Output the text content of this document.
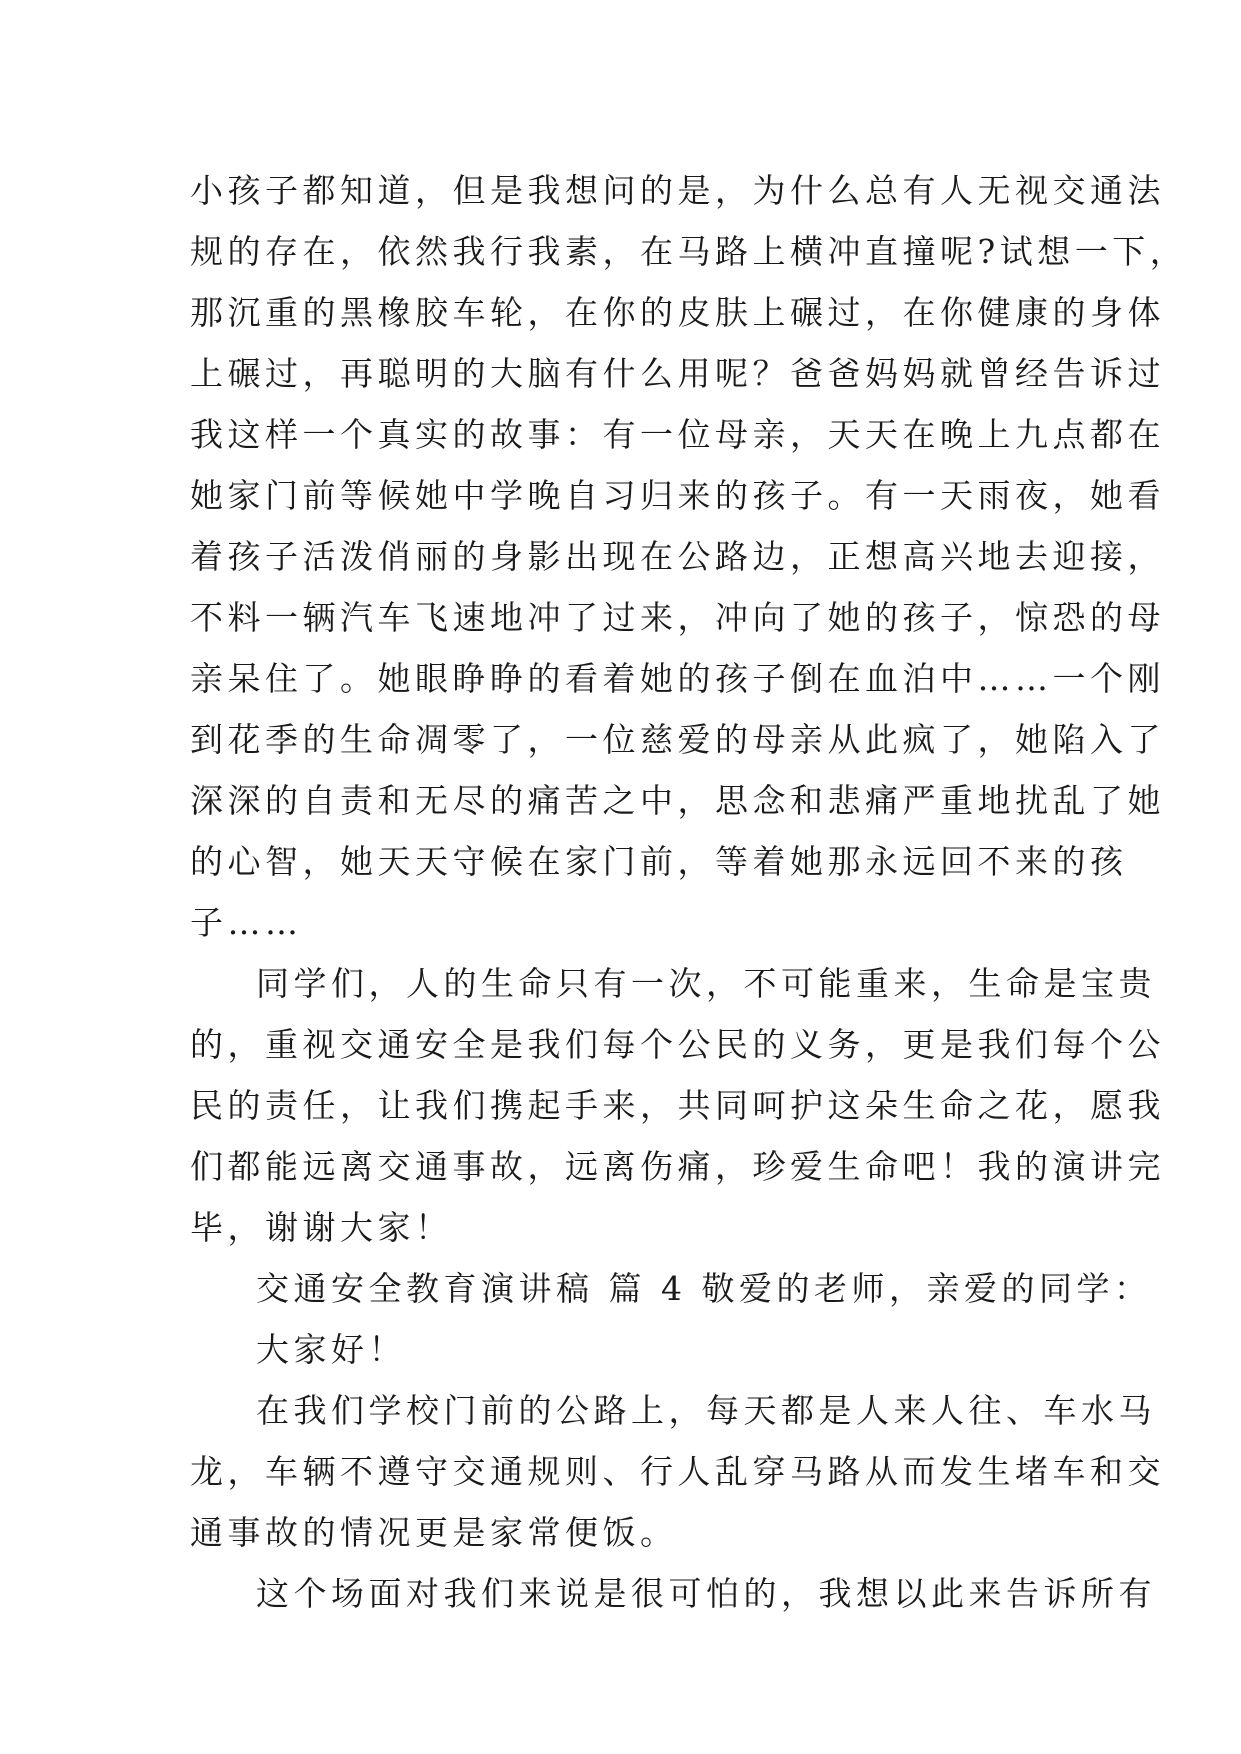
小孩子都知道，但是我想问的是，为什么总有人无视交通法
规的存在，依然我行我素，在马路上横冲直撞呢?试想一下，
那沉重的黑橡胶车轮，在你的皮肤上碾过，在你健康的身体
上碾过，再聪明的大脑有什么用呢？爸爸妈妈就曾经告诉过
我这样一个真实的故事：有一位母亲，天天在晚上九点都在
她家门前等候她中学晚自习归来的孩子。有一天雨夜，她看
着孩子活泼俏丽的身影出现在公路边，正想高兴地去迎接，
不料一辆汽车飞速地冲了过来，冲向了她的孩子，惊恐的母
亲呆住了。她眼睁睁的看着她的孩子倒在血泊中……一个刚
到花季的生命凋零了，一位慈爱的母亲从此疯了，她陷入了
深深的自责和无尽的痛苦之中，思念和悲痛严重地扰乱了她
的心智，她天天守候在家门前，等着她那永远回不来的孩
子……
同学们，人的生命只有一次，不可能重来，生命是宝贵
的，重视交通安全是我们每个公民的义务，更是我们每个公
民的责任，让我们携起手来，共同呵护这朵生命之花，愿我
们都能远离交通事故，远离伤痛，珍爱生命吧！我的演讲完
毕，谢谢大家！
交通安全教育演讲稿 篇 4 敬爱的老师，亲爱的同学：
大家好！
在我们学校门前的公路上，每天都是人来人往、车水马
龙，车辆不遵守交通规则、行人乱穿马路从而发生堵车和交
通事故的情况更是家常便饭。
这个场面对我们来说是很可怕的，我想以此来告诉所有
